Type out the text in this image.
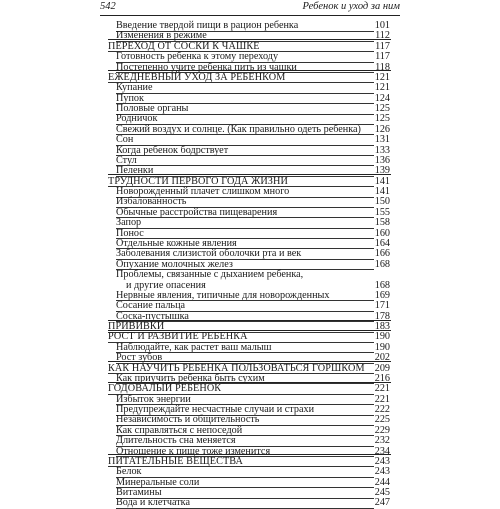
542	Ребенок и уход за ним
Введение твердой пищи в рацион ребенка	101
Изменения в режиме	112
ПЕРЕХОД ОТ СОСКИ К ЧАШКЕ	117
Готовность ребенка к этому переходу	117
Постепенно учите ребенка пить из чашки	118
ЕЖЕДНЕВНЫЙ УХОД ЗА РЕБЕНКОМ	121
Купание	121
Пупок	124
Половые органы	125
Родничок	125
Свежий воздух и солнце. (Как правильно одеть ребенка) 126
Сон	131
Когда ребенок бодрствует	133
Стул	136
Пеленки	139
ТРУДНОСТИ ПЕРВОГО ГОДА ЖИЗНИ	141
Новорожденный плачет слишком много	141
Избалованность	150
Обычные расстройства пищеварения	155
Запор	158
Понос	160
Отдельные кожные явления	164
Заболевания слизистой оболочки рта и век	166
Опухание молочных желез	168
Проблемы, связанные с дыханием ребенка,
и другие опасения	168
Нервные явления, типичные для новорожденных	169
Сосание пальца	171
Соска-пустышка	178
ПРИВИВКИ	183
РОСТ И РАЗВИТИЕ РЕБЕНКА	190
Наблюдайте, как растет ваш малыш	190
Рост зубов	202
КАК НАУЧИТЬ РЕБЕНКА ПОЛЬЗОВАТЬСЯ ГОРШКОМ 209
Как приучить ребенка быть сухим	216
ГОДОВАЛЫЙ РЕБЕНОК	221
Избыток энергии	221
Предупреждайте несчастные случаи и страхи	222
Независимость и общительность	225
Как справляться с непоседой	229
Длительность сна меняется	232
Отношение к пище тоже изменится	234
ПИТАТЕЛЬНЫЕ ВЕЩЕСТВА	243
Белок	243
Минеральные соли	244
Витамины	245
Вода и клетчатка	247
